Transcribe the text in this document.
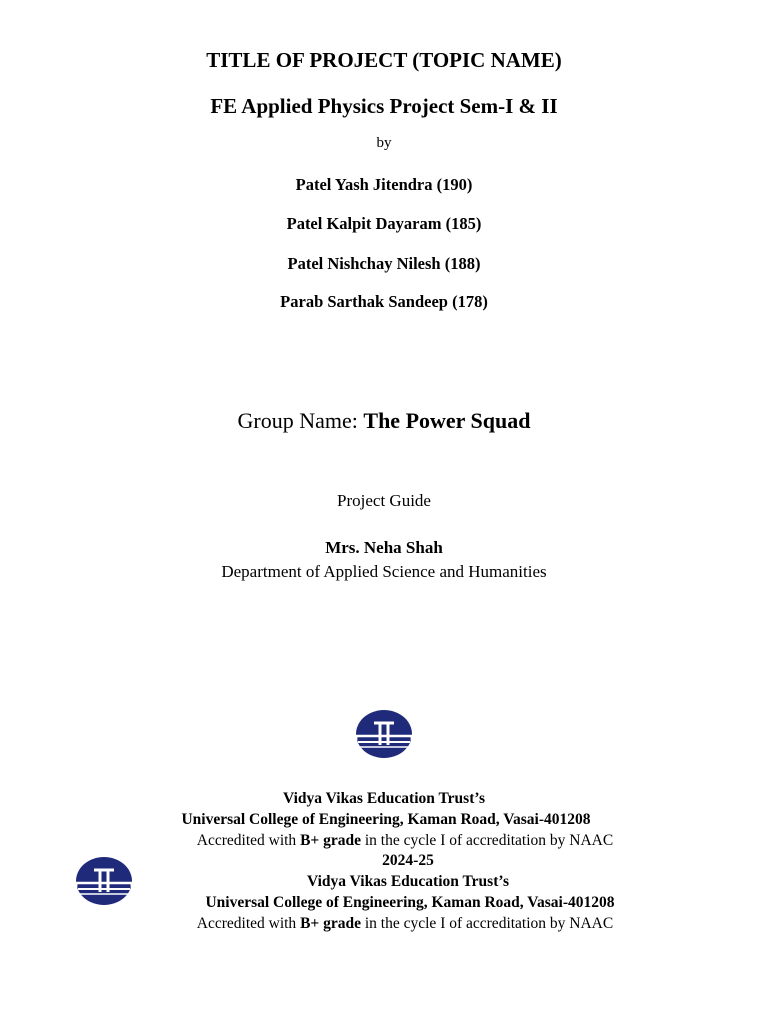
TITLE OF PROJECT (TOPIC NAME)
FE Applied Physics Project Sem-I & II
by
Patel Yash Jitendra (190)
Patel Kalpit Dayaram (185)
Patel Nishchay Nilesh (188)
Parab Sarthak Sandeep (178)
Group Name: The Power Squad
Project Guide
Mrs. Neha Shah
Department of Applied Science and Humanities
Vidya Vikas Education Trust’s
Universal College of Engineering, Kaman Road, Vasai-401208
Accredited with B+ grade in the cycle I of accreditation by NAAC
2024-25
Vidya Vikas Education Trust’s
Universal College of Engineering, Kaman Road, Vasai-401208
Accredited with B+ grade in the cycle I of accreditation by NAAC
